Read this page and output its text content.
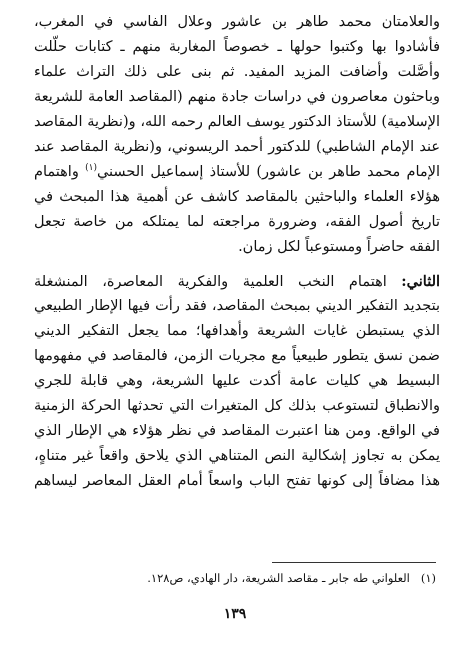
والعلامتان محمد طاهر بن عاشور وعلال الفاسي في المغرب،
فأشادوا بها وكتبوا حولها ـ خصوصاً المغاربة منهم ـ كتابات حلَّلت
وأصَّلت وأضافت المزيد المفيد. ثم بنى على ذلك التراث علماء
وباحثون معاصرون في دراسات جادة منهم (المقاصد العامة للشريعة
الإسلامية) للأستاذ الدكتور يوسف العالم رحمه الله، و(نظرية المقاصد
عند الإمام الشاطبي) للدكتور أحمد الريسوني، و(نظرية المقاصد عند
الإمام محمد طاهر بن عاشور) للأستاذ إسماعيل الحسني$^{(١)}$ واهتمام
هؤلاء العلماء والباحثين بالمقاصد كاشف عن أهمية هذا المبحث في
تاريخ أصول الفقه، وضرورة مراجعته لما يمتلكه من خاصة تجعل
الفقه حاضراً ومستوعباً لكل زمان.
الثاني: اهتمام النخب العلمية والفكرية المعاصرة، المنشغلة
بتجديد التفكير الديني بمبحث المقاصد، فقد رأت فيها الإطار الطبيعي
الذي يستبطن غايات الشريعة وأهدافها؛ مما يجعل التفكير الديني
ضمن نسق يتطور طبيعياً مع مجريات الزمن، فالمقاصد في مفهومها
البسيط هي كليات عامة أكدت عليها الشريعة، وهي قابلة للجري
والانطباق لتستوعب بذلك كل المتغيرات التي تحدثها الحركة الزمنية
في الواقع. ومن هنا اعتبرت المقاصد في نظر هؤلاء هي الإطار الذي
يمكن به تجاوز إشكالية النص المتناهي الذي يلاحق واقعاً غير متناهٍ،
هذا مضافاً إلى كونها تفتح الباب واسعاً أمام العقل المعاصر ليساهم
(١)   العلواني طه جابر ـ مقاصد الشريعة، دار الهادي، ص١٢٨.
١٣٩
